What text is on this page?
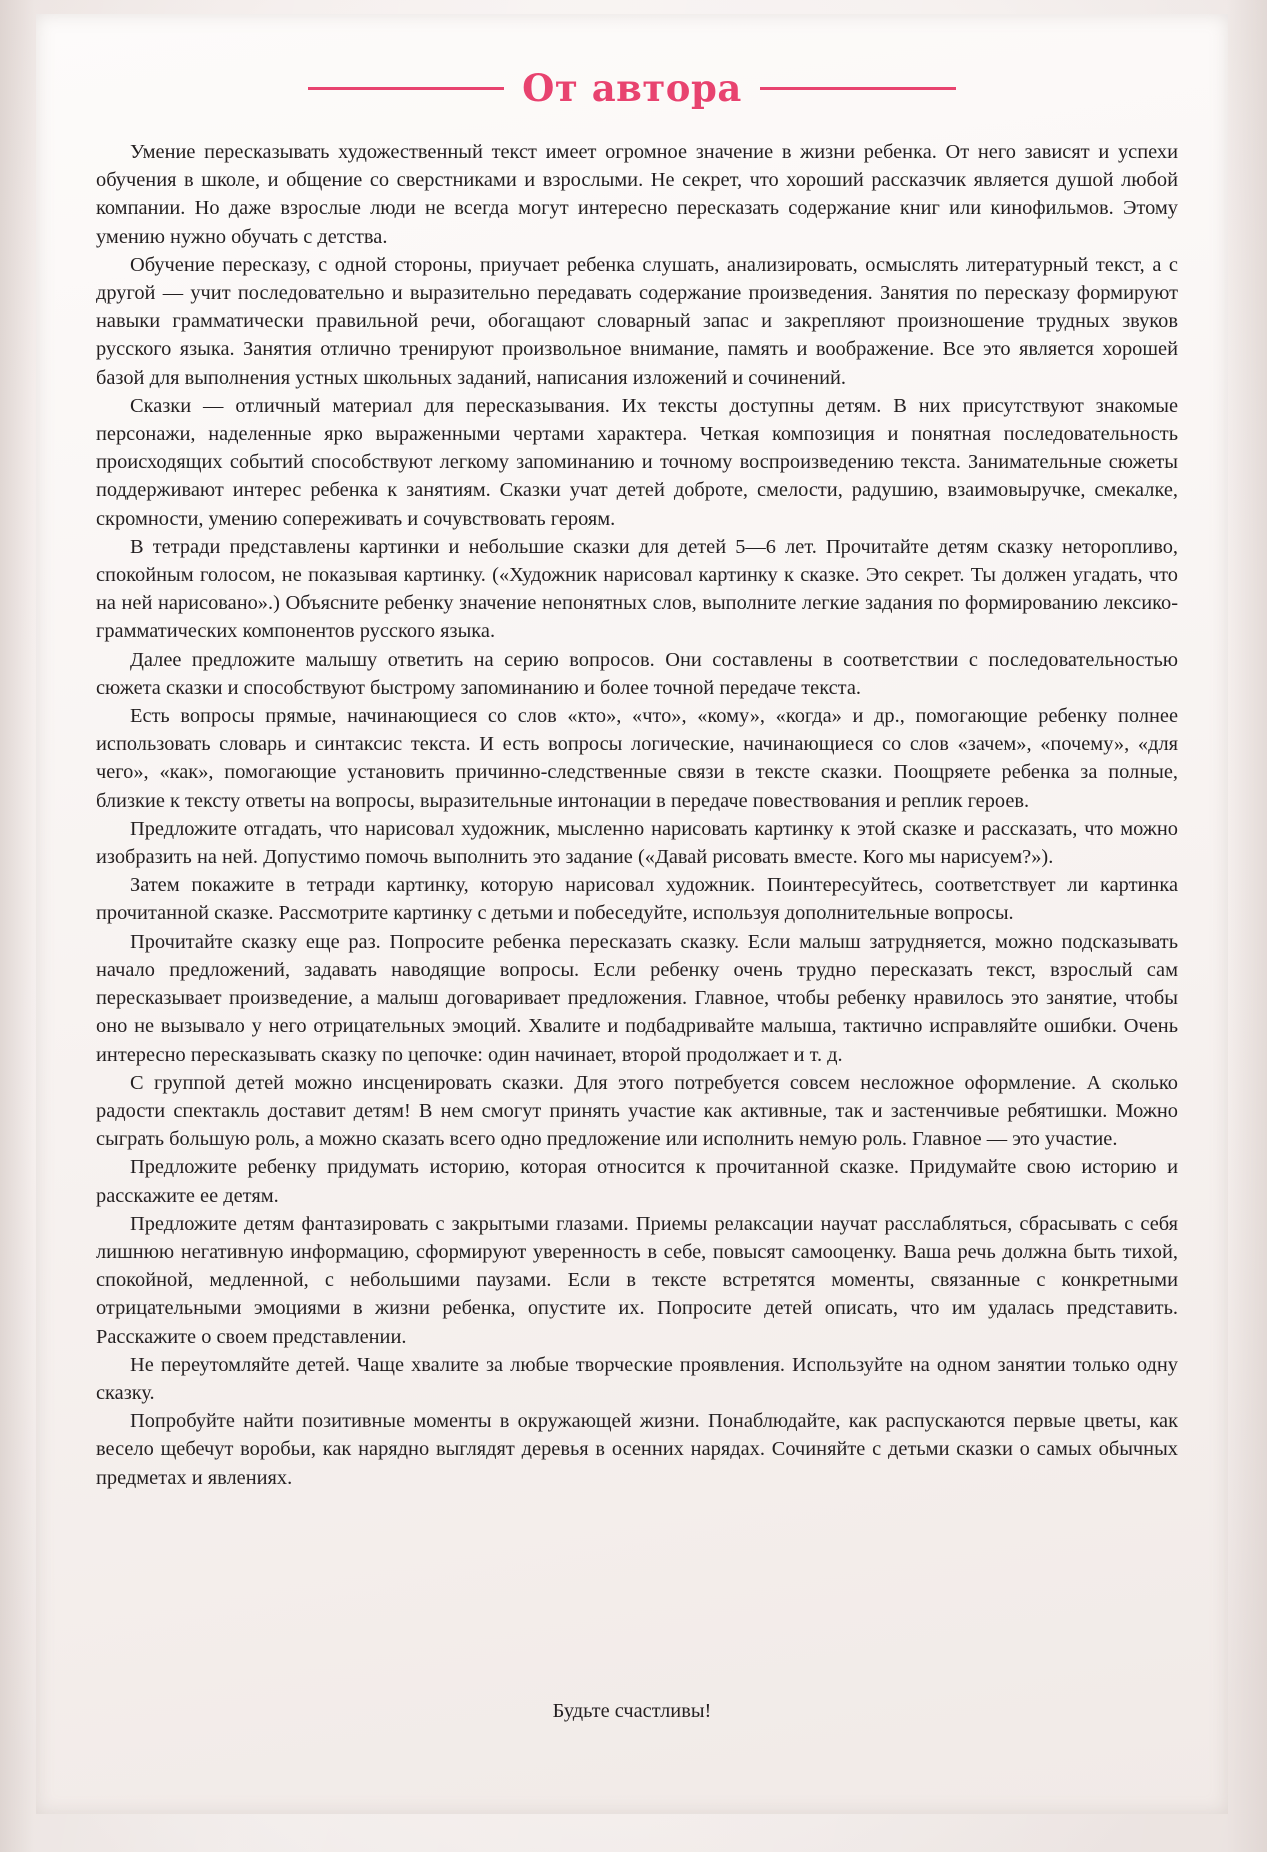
От автора

Умение пересказывать художественный текст имеет огромное значение в жизни ребенка. От него зависят и успехи обучения в школе, и общение со сверстниками и взрослыми. Не секрет, что хороший рассказчик является душой любой компании. Но даже взрослые люди не всегда могут интересно пересказать содержание книг или кинофильмов. Этому умению нужно обучать с детства.

Обучение пересказу, с одной стороны, приучает ребенка слушать, анализировать, осмыслять литературный текст, а с другой — учит последовательно и выразительно передавать содержание произведения. Занятия по пересказу формируют навыки грамматически правильной речи, обогащают словарный запас и закрепляют произношение трудных звуков русского языка. Занятия отлично тренируют произвольное внимание, память и воображение. Все это является хорошей базой для выполнения устных школьных заданий, написания изложений и сочинений.

Сказки — отличный материал для пересказывания. Их тексты доступны детям. В них присутствуют знакомые персонажи, наделенные ярко выраженными чертами характера. Четкая композиция и понятная последовательность происходящих событий способствуют легкому запоминанию и точному воспроизведению текста. Занимательные сюжеты поддерживают интерес ребенка к занятиям. Сказки учат детей доброте, смелости, радушию, взаимовыручке, смекалке, скромности, умению сопереживать и сочувствовать героям.

В тетради представлены картинки и небольшие сказки для детей 5—6 лет. Прочитайте детям сказку неторопливо, спокойным голосом, не показывая картинку. («Художник нарисовал картинку к сказке. Это секрет. Ты должен угадать, что на ней нарисовано».) Объясните ребенку значение непонятных слов, выполните легкие задания по формированию лексико-грамматических компонентов русского языка.

Далее предложите малышу ответить на серию вопросов. Они составлены в соответствии с последовательностью сюжета сказки и способствуют быстрому запоминанию и более точной передаче текста.

Есть вопросы прямые, начинающиеся со слов «кто», «что», «кому», «когда» и др., помогающие ребенку полнее использовать словарь и синтаксис текста. И есть вопросы логические, начинающиеся со слов «зачем», «почему», «для чего», «как», помогающие установить причинно-следственные связи в тексте сказки. Поощряете ребенка за полные, близкие к тексту ответы на вопросы, выразительные интонации в передаче повествования и реплик героев.

Предложите отгадать, что нарисовал художник, мысленно нарисовать картинку к этой сказке и рассказать, что можно изобразить на ней. Допустимо помочь выполнить это задание («Давай рисовать вместе. Кого мы нарисуем?»).

Затем покажите в тетради картинку, которую нарисовал художник. Поинтересуйтесь, соответствует ли картинка прочитанной сказке. Рассмотрите картинку с детьми и побеседуйте, используя дополнительные вопросы.

Прочитайте сказку еще раз. Попросите ребенка пересказать сказку. Если малыш затрудняется, можно подсказывать начало предложений, задавать наводящие вопросы. Если ребенку очень трудно пересказать текст, взрослый сам пересказывает произведение, а малыш договаривает предложения. Главное, чтобы ребенку нравилось это занятие, чтобы оно не вызывало у него отрицательных эмоций. Хвалите и подбадривайте малыша, тактично исправляйте ошибки. Очень интересно пересказывать сказку по цепочке: один начинает, второй продолжает и т. д.

С группой детей можно инсценировать сказки. Для этого потребуется совсем несложное оформление. А сколько радости спектакль доставит детям! В нем смогут принять участие как активные, так и застенчивые ребятишки. Можно сыграть большую роль, а можно сказать всего одно предложение или исполнить немую роль. Главное — это участие.

Предложите ребенку придумать историю, которая относится к прочитанной сказке. Придумайте свою историю и расскажите ее детям.

Предложите детям фантазировать с закрытыми глазами. Приемы релаксации научат расслабляться, сбрасывать с себя лишнюю негативную информацию, сформируют уверенность в себе, повысят самооценку. Ваша речь должна быть тихой, спокойной, медленной, с небольшими паузами. Если в тексте встретятся моменты, связанные с конкретными отрицательными эмоциями в жизни ребенка, опустите их. Попросите детей описать, что им удалась представить. Расскажите о своем представлении.

Не переутомляйте детей. Чаще хвалите за любые творческие проявления. Используйте на одном занятии только одну сказку.

Попробуйте найти позитивные моменты в окружающей жизни. Понаблюдайте, как распускаются первые цветы, как весело щебечут воробьи, как нарядно выглядят деревья в осенних нарядах. Сочиняйте с детьми сказки о самых обычных предметах и явлениях.

Будьте счастливы!
